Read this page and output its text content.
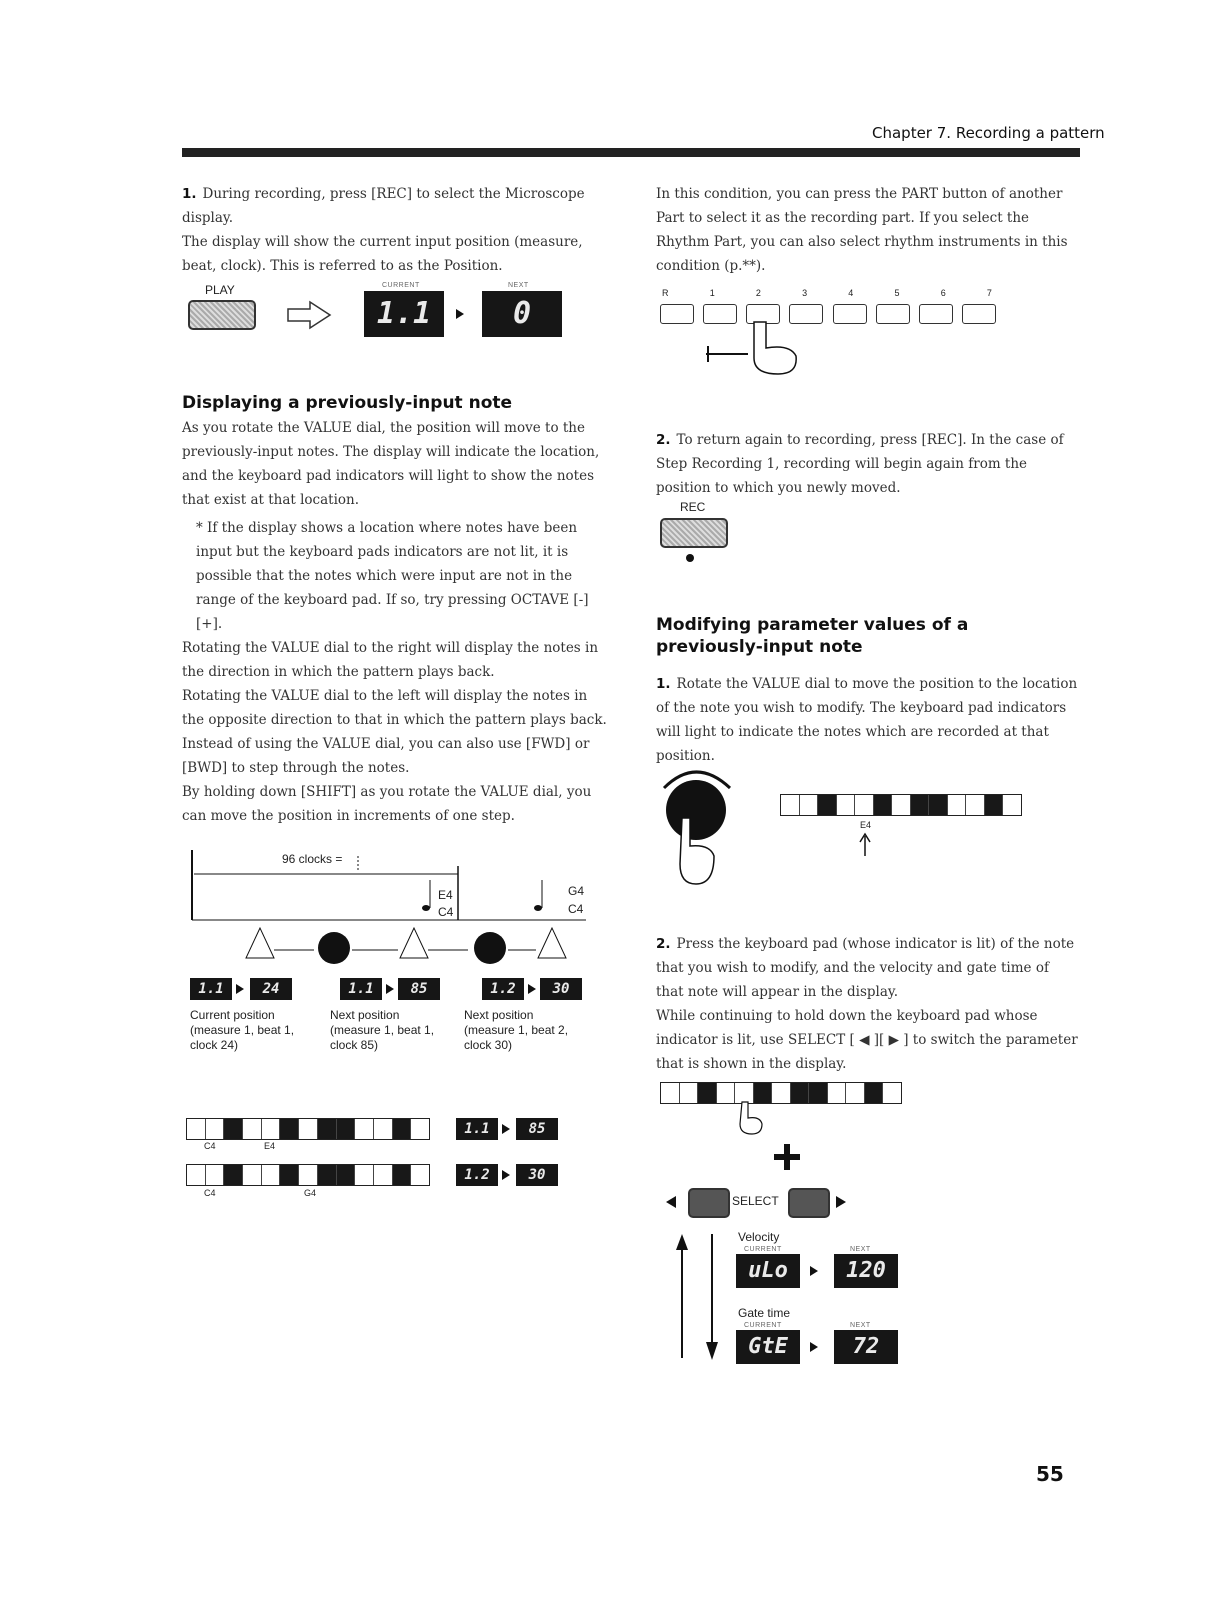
Chapter 7. Recording a pattern

1. During recording, press [REC] to select the Microscope display.

The display will show the current input position (measure, beat, clock). This is referred to as the Position.

PLAY	CURRENT	NEXT
1.1	0
Displaying a previously-input note

As you rotate the VALUE dial, the position will move to the previously-input notes. The display will indicate the location, and the keyboard pad indicators will light to show the notes that exist at that location.

* If the display shows a location where notes have been input but the keyboard pads indicators are not lit, it is possible that the notes which were input are not in the range of the keyboard pad. If so, try pressing OCTAVE [-][+].

Rotating the VALUE dial to the right will display the notes in the direction in which the pattern plays back.

Rotating the VALUE dial to the left will display the notes in the opposite direction to that in which the pattern plays back.

Instead of using the VALUE dial, you can also use [FWD] or [BWD] to step through the notes.

By holding down [SHIFT] as you rotate the VALUE dial, you can move the position in increments of one step.

96 clocks =
E4
C4
G4
C4
1.1	24	1.1	85	1.2	30
Current position
(measure 1, beat 1,
clock 24)
Next position
(measure 1, beat 1,
clock 85)
Next position
(measure 1, beat 2,
clock 30)
C4	E4
1.1	85
C4	G4
1.2	30
In this condition, you can press the PART button of another Part to select it as the recording part. If you select the Rhythm Part, you can also select rhythm instruments in this condition (p.**).
R	1	2	3	4	5	6	7

2. To return again to recording, press [REC]. In the case of Step Recording 1, recording will begin again from the position to which you newly moved.

REC
Modifying parameter values of a previously-input note

1. Rotate the VALUE dial to move the position to the location of the note you wish to modify. The keyboard pad indicators will light to indicate the notes which are recorded at that position.

E4

2. Press the keyboard pad (whose indicator is lit) of the note that you wish to modify, and the velocity and gate time of that note will appear in the display.

While continuing to hold down the keyboard pad whose indicator is lit, use SELECT [ ◀ ][ ▶ ] to switch the parameter that is shown in the display.

SELECT
Velocity
CURRENT	NEXT
uLo	120
Gate time
CURRENT	NEXT
GtE	72
55
